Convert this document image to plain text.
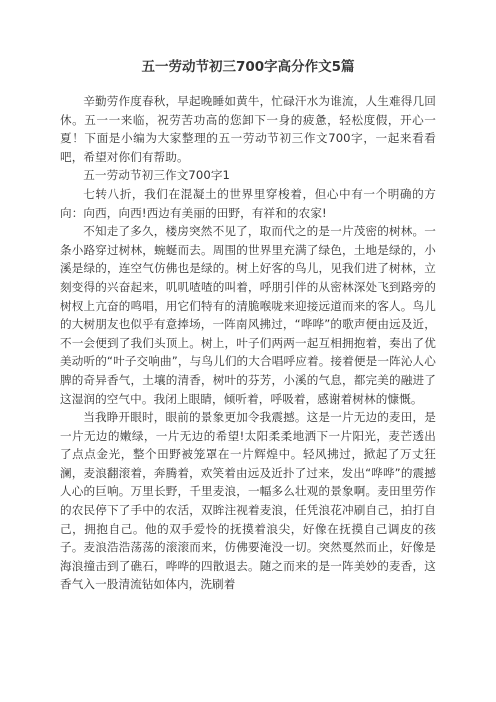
五一劳动节初三700字高分作文5篇

辛勤劳作度春秋，早起晚睡如黄牛，忙碌汗水为谁流，人生难得几回休。五一一来临，祝劳苦功高的您卸下一身的疲惫，轻松度假，开心一夏！下面是小编为大家整理的五一劳动节初三作文700字，一起来看看吧，希望对你们有帮助。

五一劳动节初三作文700字1

七转八折，我们在混凝土的世界里穿梭着，但心中有一个明确的方向：向西，向西!西边有美丽的田野，有祥和的农家!

不知走了多久，楼房突然不见了，取而代之的是一片茂密的树林。一条小路穿过树林，蜿蜒而去。周围的世界里充满了绿色，土地是绿的，小溪是绿的，连空气仿佛也是绿的。树上好客的鸟儿，见我们进了树林，立刻变得的兴奋起来，叽叽喳喳的叫着，呼朋引伴的从密林深处飞到路旁的树杈上亢奋的鸣唱，用它们特有的清脆喉咙来迎接远道而来的客人。鸟儿的大树朋友也似乎有意捧场，一阵南风拂过，“哗哗”的歌声便由远及近，不一会便到了我们头顶上。树上，叶子们两两一起互相拥抱着，奏出了优美动听的“叶子交响曲”，与鸟儿们的大合唱呼应着。接着便是一阵沁人心脾的奇异香气，土壤的清香，树叶的芬芳，小溪的气息，都完美的融进了这湿润的空气中。我闭上眼睛，倾听着，呼吸着，感谢着树林的慷慨。

当我睁开眼时，眼前的景象更加令我震撼。这是一片无边的麦田，是一片无边的嫩绿，一片无边的希望!太阳柔柔地洒下一片阳光，麦芒透出了点点金光，整个田野被笼罩在一片辉煌中。轻风拂过，掀起了万丈狂澜，麦浪翻滚着，奔腾着，欢笑着由远及近扑了过来，发出“哗哗”的震撼人心的巨响。万里长野，千里麦浪，一幅多么壮观的景象啊。麦田里劳作的农民停下了手中的农活，双眸注视着麦浪，任凭浪花冲刷自己，拍打自己，拥抱自己。他的双手爱怜的抚摸着浪尖，好像在抚摸自己调皮的孩子。麦浪浩浩荡荡的滚滚而来，仿佛要淹没一切。突然戛然而止，好像是海浪撞击到了礁石，哗哗的四散退去。随之而来的是一阵美妙的麦香，这香气入一股清流钻如体内，洗刷着
